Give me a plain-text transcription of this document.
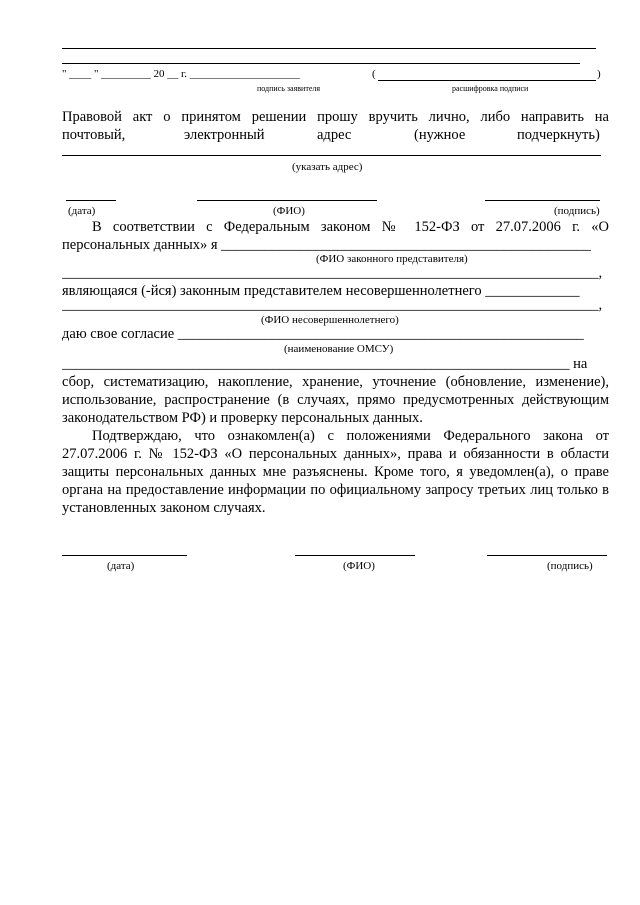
" ____ " _________ 20 __ г. ____________________	(	)
подпись заявителя	расшифровка подписи
Правовой акт о принятом решении прошу вручить лично, либо направить на
почтовый,	электронный	адрес	(нужное	подчеркнуть)
(указать адрес)
(дата)	(ФИО)	(подпись)
В соответствии с Федеральным законом № 152-ФЗ от 27.07.2006 г. «О
персональных данных» я ___________________________________________________
(ФИО законного представителя)
__________________________________________________________________________,
являющаяся (-йся) законным представителем несовершеннолетнего _____________
__________________________________________________________________________,
(ФИО несовершеннолетнего)
даю свое согласие ________________________________________________________
(наименование ОМСУ)
______________________________________________________________________ на
сбор, систематизацию, накопление, хранение, уточнение (обновление, изменение),
использование, распространение (в случаях, прямо предусмотренных действующим
законодательством РФ) и проверку персональных данных.
Подтверждаю, что ознакомлен(а) с положениями Федерального закона от
27.07.2006 г. № 152-ФЗ «О персональных данных», права и обязанности в области
защиты персональных данных мне разъяснены. Кроме того, я уведомлен(а), о праве
органа на предоставление информации по официальному запросу третьих лиц только в
установленных законом случаях.
(дата)	(ФИО)	(подпись)
